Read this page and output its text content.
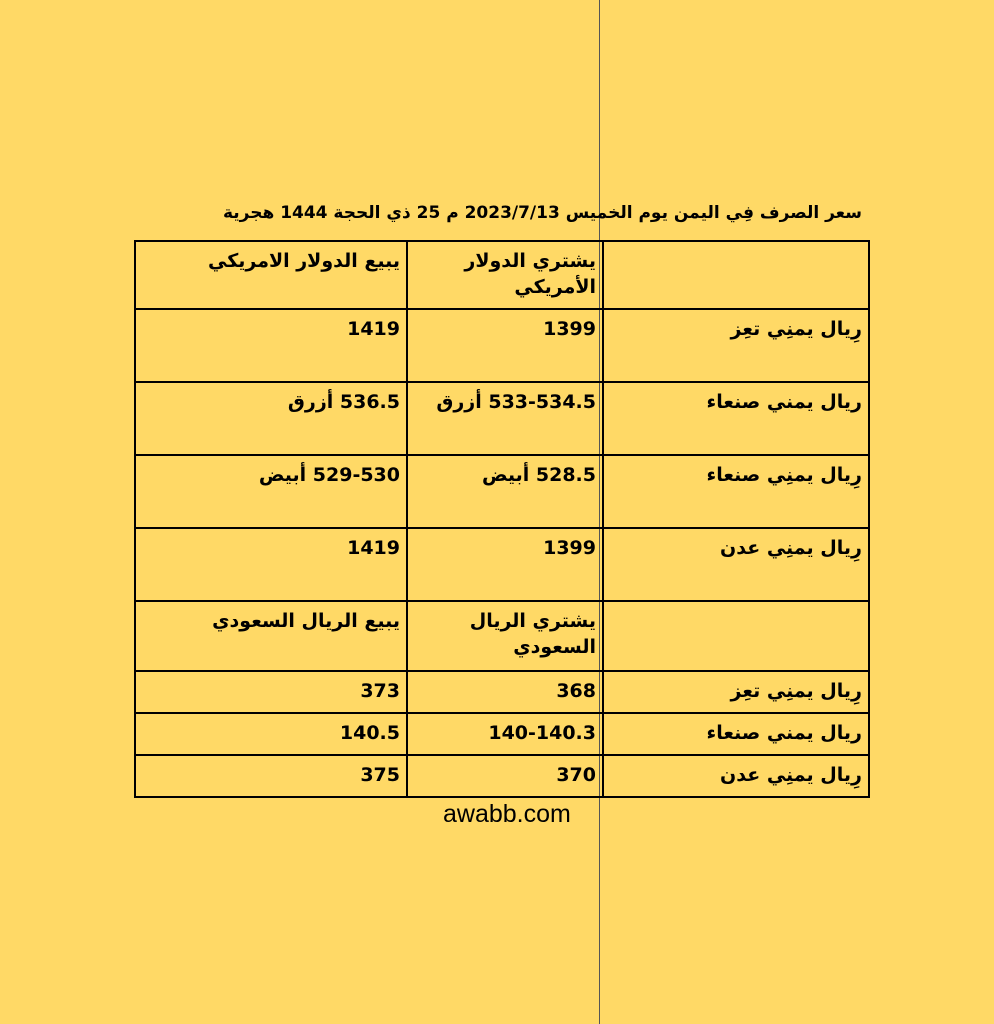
سعر الصرف فِي اليمن يوم الخميس 2023/7/13 م 25 ذي الحجة 1444 هجرية
	يشتري الدولار الأمريكي	يبيع الدولار الامريكي
رِيال يمنِي تعِز	1399	1419
ريال يمني صنعاء	533-534.5 أزرق	536.5 أزرق
رِيال يمنِي صنعاء	528.5 أبيض	529-530 أبيض
رِيال يمنِي عدن	1399	1419
	يشتري الريال السعودي	يبيع الريال السعودي
رِيال يمنِي تعِز	368	373
ريال يمني صنعاء	140-140.3	140.5
رِيال يمنِي عدن	370	375
awabb.com
